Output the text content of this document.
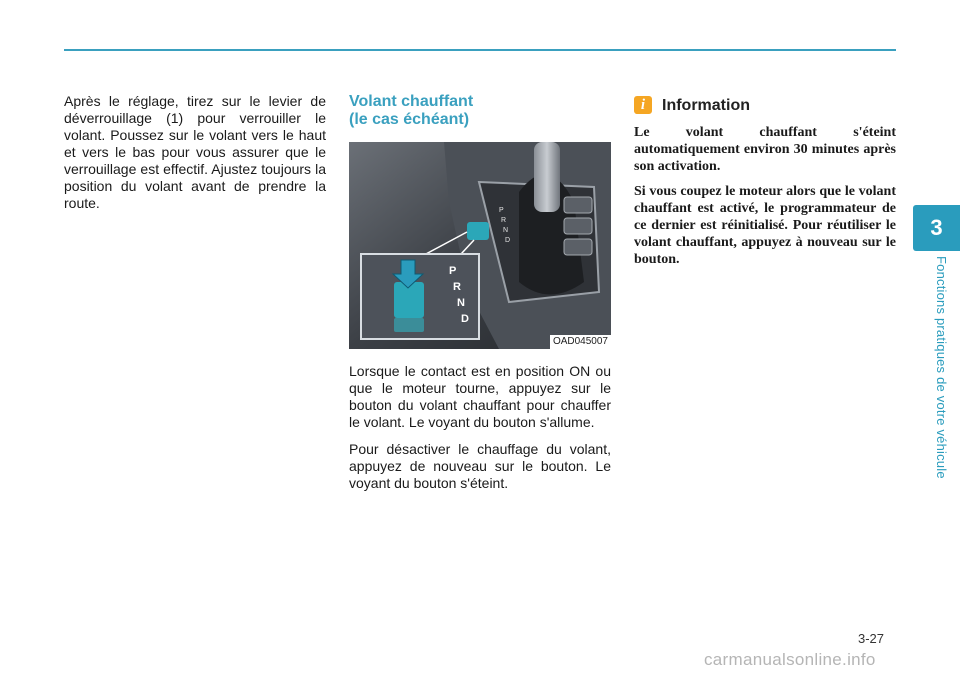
3
Fonctions pratiques de votre véhicule

Après le réglage, tirez sur le levier de déverrouillage (1) pour verrouiller le volant. Poussez sur le volant vers le haut et vers le bas pour vous assurer que le verrouillage est effectif. Ajustez toujours la position du volant avant de prendre la route.

Volant chauffant
(le cas échéant)
P
R
N
D
P
R
N
D
OAD045007

Lorsque le contact est en position ON ou que le moteur tourne, appuyez sur le bouton du volant chauffant pour chauffer le volant. Le voyant du bouton s'allume.

Pour désactiver le chauffage du volant, appuyez de nouveau sur le bouton. Le voyant du bouton s'éteint.

i	Information

Le volant chauffant s'éteint automatiquement environ 30 minutes après son activation.

Si vous coupez le moteur alors que le volant chauffant est activé, le programmateur de ce dernier est réinitialisé. Pour réutiliser le volant chauffant, appuyez à nouveau sur le bouton.

3-27
carmanualsonline.info
